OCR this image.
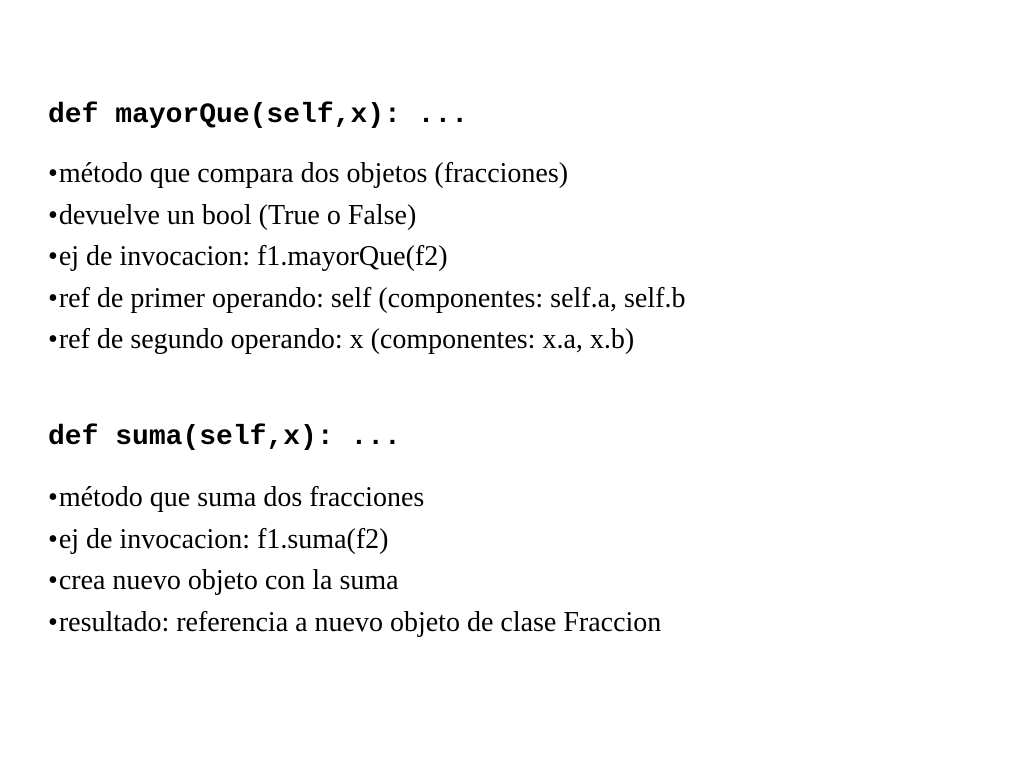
def mayorQue(self,x): ...
•método que compara dos objetos (fracciones)
•devuelve un bool (True o False)
•ej de invocacion: f1.mayorQue(f2)
•ref de primer operando: self (componentes: self.a, self.b
•ref de segundo operando: x (componentes: x.a, x.b)
def suma(self,x): ...
•método que suma dos fracciones
•ej de invocacion: f1.suma(f2)
•crea nuevo objeto con la suma
•resultado: referencia a nuevo objeto de clase Fraccion
